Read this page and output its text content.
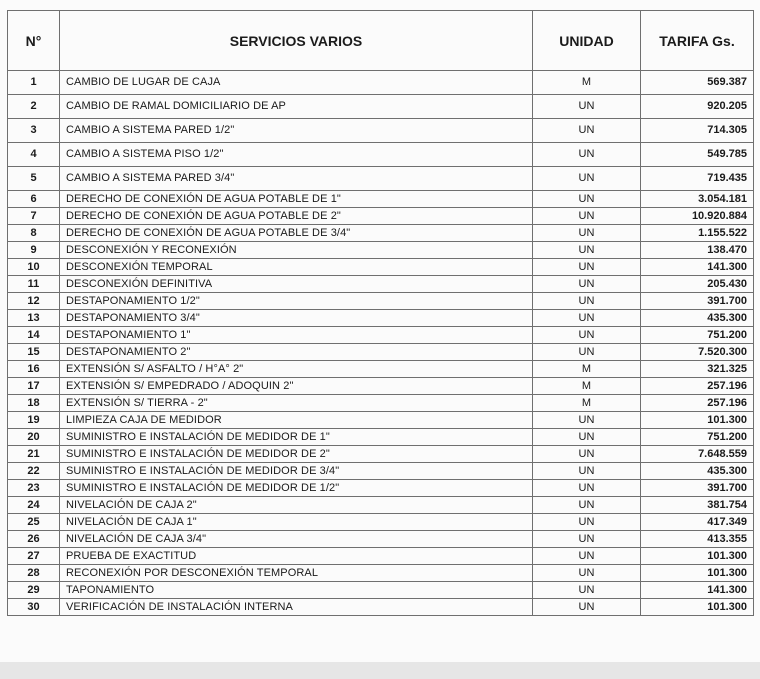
N°	SERVICIOS VARIOS	UNIDAD	TARIFA Gs.
1	CAMBIO DE LUGAR DE CAJA	M	569.387
2	CAMBIO DE RAMAL DOMICILIARIO DE AP	UN	920.205
3	CAMBIO A SISTEMA PARED 1/2"	UN	714.305
4	CAMBIO A SISTEMA PISO 1/2"	UN	549.785
5	CAMBIO A SISTEMA PARED 3/4"	UN	719.435
6	DERECHO DE CONEXIÓN DE AGUA POTABLE DE 1"	UN	3.054.181
7	DERECHO DE CONEXIÓN DE AGUA POTABLE DE 2"	UN	10.920.884
8	DERECHO DE CONEXIÓN DE AGUA POTABLE DE 3/4"	UN	1.155.522
9	DESCONEXIÓN Y RECONEXIÓN	UN	138.470
10	DESCONEXIÓN TEMPORAL	UN	141.300
11	DESCONEXIÓN DEFINITIVA	UN	205.430
12	DESTAPONAMIENTO 1/2"	UN	391.700
13	DESTAPONAMIENTO 3/4"	UN	435.300
14	DESTAPONAMIENTO 1"	UN	751.200
15	DESTAPONAMIENTO 2"	UN	7.520.300
16	EXTENSIÓN S/ ASFALTO / H°A° 2"	M	321.325
17	EXTENSIÓN S/ EMPEDRADO / ADOQUIN 2"	M	257.196
18	EXTENSIÓN S/ TIERRA - 2"	M	257.196
19	LIMPIEZA CAJA DE MEDIDOR	UN	101.300
20	SUMINISTRO E INSTALACIÓN DE MEDIDOR DE 1"	UN	751.200
21	SUMINISTRO E INSTALACIÓN DE MEDIDOR DE 2"	UN	7.648.559
22	SUMINISTRO E INSTALACIÓN DE MEDIDOR DE 3/4"	UN	435.300
23	SUMINISTRO E INSTALACIÓN DE MEDIDOR DE 1/2"	UN	391.700
24	NIVELACIÓN DE CAJA 2"	UN	381.754
25	NIVELACIÓN DE CAJA 1"	UN	417.349
26	NIVELACIÓN DE CAJA 3/4"	UN	413.355
27	PRUEBA DE EXACTITUD	UN	101.300
28	RECONEXIÓN POR DESCONEXIÓN TEMPORAL	UN	101.300
29	TAPONAMIENTO	UN	141.300
30	VERIFICACIÓN DE INSTALACIÓN INTERNA	UN	101.300
